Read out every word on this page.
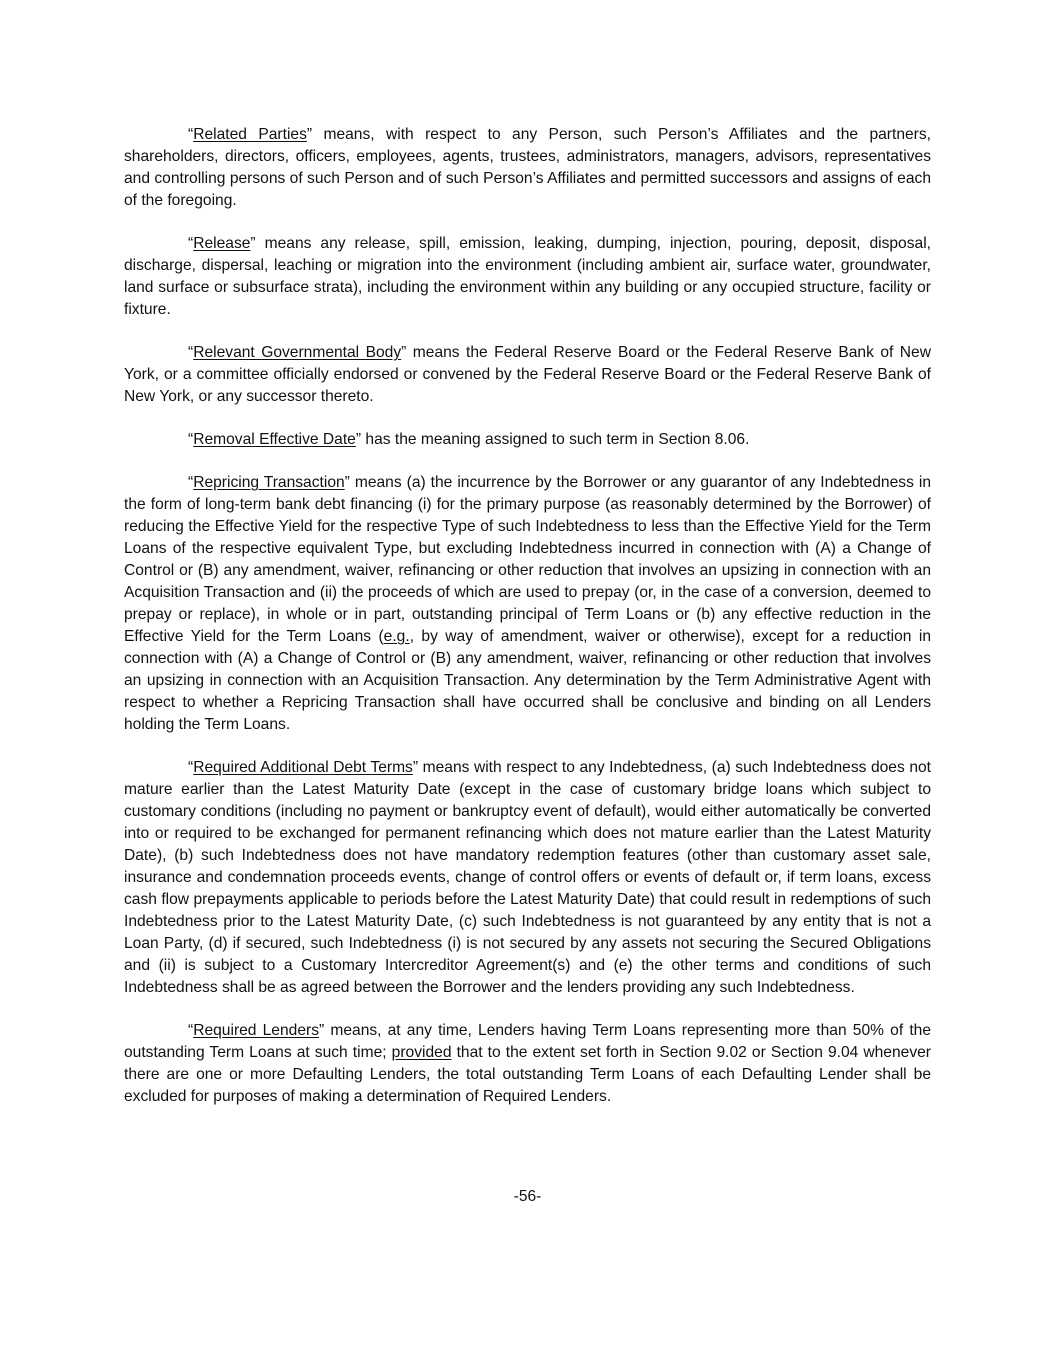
“Related Parties” means, with respect to any Person, such Person’s Affiliates and the partners, shareholders, directors, officers, employees, agents, trustees, administrators, managers, advisors, representatives and controlling persons of such Person and of such Person’s Affiliates and permitted successors and assigns of each of the foregoing.

“Release” means any release, spill, emission, leaking, dumping, injection, pouring, deposit, disposal, discharge, dispersal, leaching or migration into the environment (including ambient air, surface water, groundwater, land surface or subsurface strata), including the environment within any building or any occupied structure, facility or fixture.

“Relevant Governmental Body” means the Federal Reserve Board or the Federal Reserve Bank of New York, or a committee officially endorsed or convened by the Federal Reserve Board or the Federal Reserve Bank of New York, or any successor thereto.

“Removal Effective Date” has the meaning assigned to such term in Section 8.06.

“Repricing Transaction” means (a) the incurrence by the Borrower or any guarantor of any Indebtedness in the form of long-term bank debt financing (i) for the primary purpose (as reasonably determined by the Borrower) of reducing the Effective Yield for the respective Type of such Indebtedness to less than the Effective Yield for the Term Loans of the respective equivalent Type, but excluding Indebtedness incurred in connection with (A) a Change of Control or (B) any amendment, waiver, refinancing or other reduction that involves an upsizing in connection with an Acquisition Transaction and (ii) the proceeds of which are used to prepay (or, in the case of a conversion, deemed to prepay or replace), in whole or in part, outstanding principal of Term Loans or (b) any effective reduction in the Effective Yield for the Term Loans (e.g., by way of amendment, waiver or otherwise), except for a reduction in connection with (A) a Change of Control or (B) any amendment, waiver, refinancing or other reduction that involves an upsizing in connection with an Acquisition Transaction. Any determination by the Term Administrative Agent with respect to whether a Repricing Transaction shall have occurred shall be conclusive and binding on all Lenders holding the Term Loans.

“Required Additional Debt Terms” means with respect to any Indebtedness, (a) such Indebtedness does not mature earlier than the Latest Maturity Date (except in the case of customary bridge loans which subject to customary conditions (including no payment or bankruptcy event of default), would either automatically be converted into or required to be exchanged for permanent refinancing which does not mature earlier than the Latest Maturity Date), (b) such Indebtedness does not have mandatory redemption features (other than customary asset sale, insurance and condemnation proceeds events, change of control offers or events of default or, if term loans, excess cash flow prepayments applicable to periods before the Latest Maturity Date) that could result in redemptions of such Indebtedness prior to the Latest Maturity Date, (c) such Indebtedness is not guaranteed by any entity that is not a Loan Party, (d) if secured, such Indebtedness (i) is not secured by any assets not securing the Secured Obligations and (ii) is subject to a Customary Intercreditor Agreement(s) and (e) the other terms and conditions of such Indebtedness shall be as agreed between the Borrower and the lenders providing any such Indebtedness.

“Required Lenders” means, at any time, Lenders having Term Loans representing more than 50% of the outstanding Term Loans at such time; provided that to the extent set forth in Section 9.02 or Section 9.04 whenever there are one or more Defaulting Lenders, the total outstanding Term Loans of each Defaulting Lender shall be excluded for purposes of making a determination of Required Lenders.

-56-
